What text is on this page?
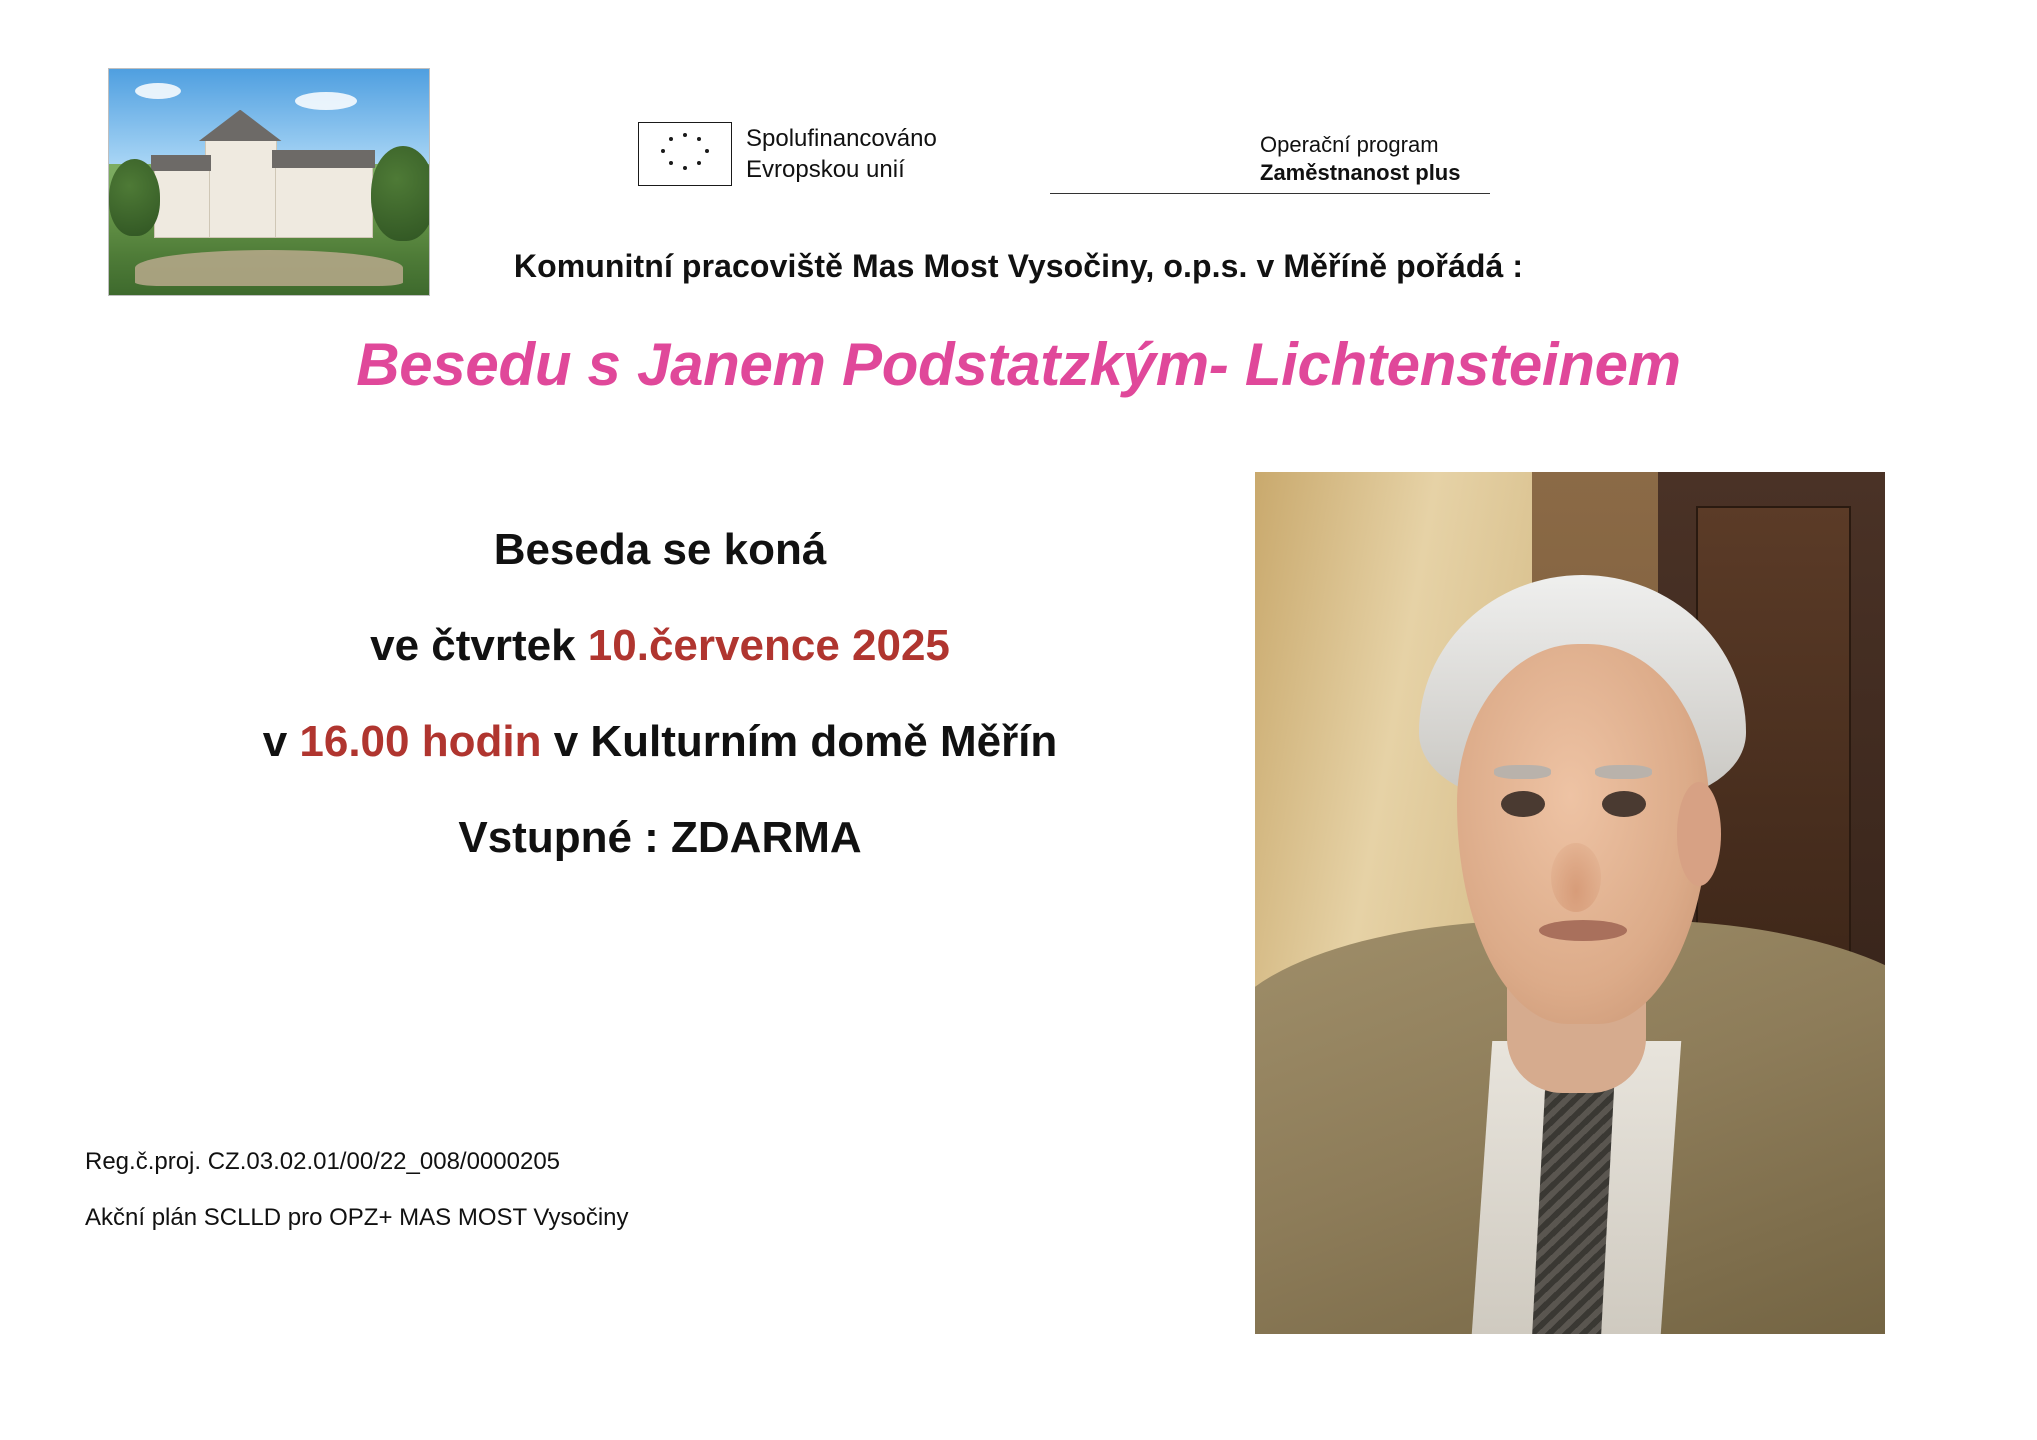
Spolufinancováno
Evropskou unií
Operační program
Zaměstnanost plus
Komunitní pracoviště Mas Most Vysočiny, o.p.s. v Měříně pořádá :
Besedu s Janem Podstatzkým- Lichtensteinem
Beseda se koná
ve čtvrtek 10.července 2025
v 16.00 hodin v Kulturním domě Měřín
Vstupné : ZDARMA
Reg.č.proj. CZ.03.02.01/00/22_008/0000205
Akční plán SCLLD pro OPZ+ MAS MOST Vysočiny
